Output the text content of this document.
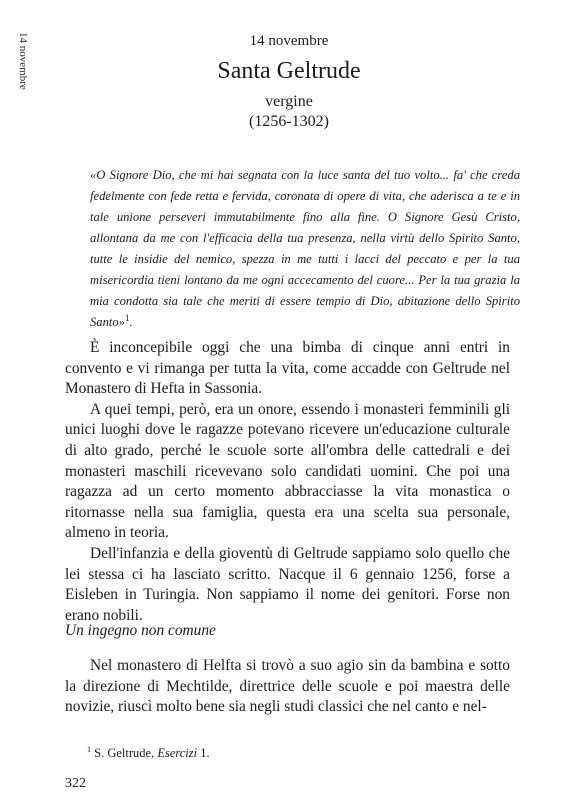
14 novembre	14 novembre
Santa Geltrude
vergine
(1256-1302)
«O Signore Dio, che mi hai segnata con la luce santa del tuo volto... fa' che creda fedelmente con fede retta e fervida, coronata di opere di vita, che aderisca a te e in tale unione perseveri immutabilmente fino alla fine. O Signore Gesù Cristo, allontana da me con l'efficacia della tua presenza, nella virtù dello Spirito Santo, tutte le insidie del nemico, spezza in me tutti i lacci del peccato e per la tua misericordia tieni lontano da me ogni accecamento del cuore... Per la tua grazia la mia condotta sia tale che meriti di essere tempio di Dio, abitazione dello Spirito Santo»$^1$.

È inconcepibile oggi che una bimba di cinque anni entri in convento e vi rimanga per tutta la vita, come accadde con Geltrude nel Monastero di Hefta in Sassonia.

A quei tempi, però, era un onore, essendo i monasteri femminili gli unici luoghi dove le ragazze potevano ricevere un'educazione culturale di alto grado, perché le scuole sorte all'ombra delle cattedrali e dei monasteri maschili ricevevano solo candidati uomini. Che poi una ragazza ad un certo momento abbracciasse la vita monastica o ritornasse nella sua famiglia, questa era una scelta sua personale, almeno in teoria.

Dell'infanzia e della gioventù di Geltrude sappiamo solo quello che lei stessa ci ha lasciato scritto. Nacque il 6 gennaio 1256, forse a Eisleben in Turingia. Non sappiamo il nome dei genitori. Forse non erano nobili.

Un ingegno non comune

Nel monastero di Helfta si trovò a suo agio sin da bambina e sotto la direzione di Mechtilde, direttrice delle scuole e poi maestra delle novizie, riuscì molto bene sia negli studi classici che nel canto e nel-

$^1$ S. Geltrude, Esercizi 1.
322
